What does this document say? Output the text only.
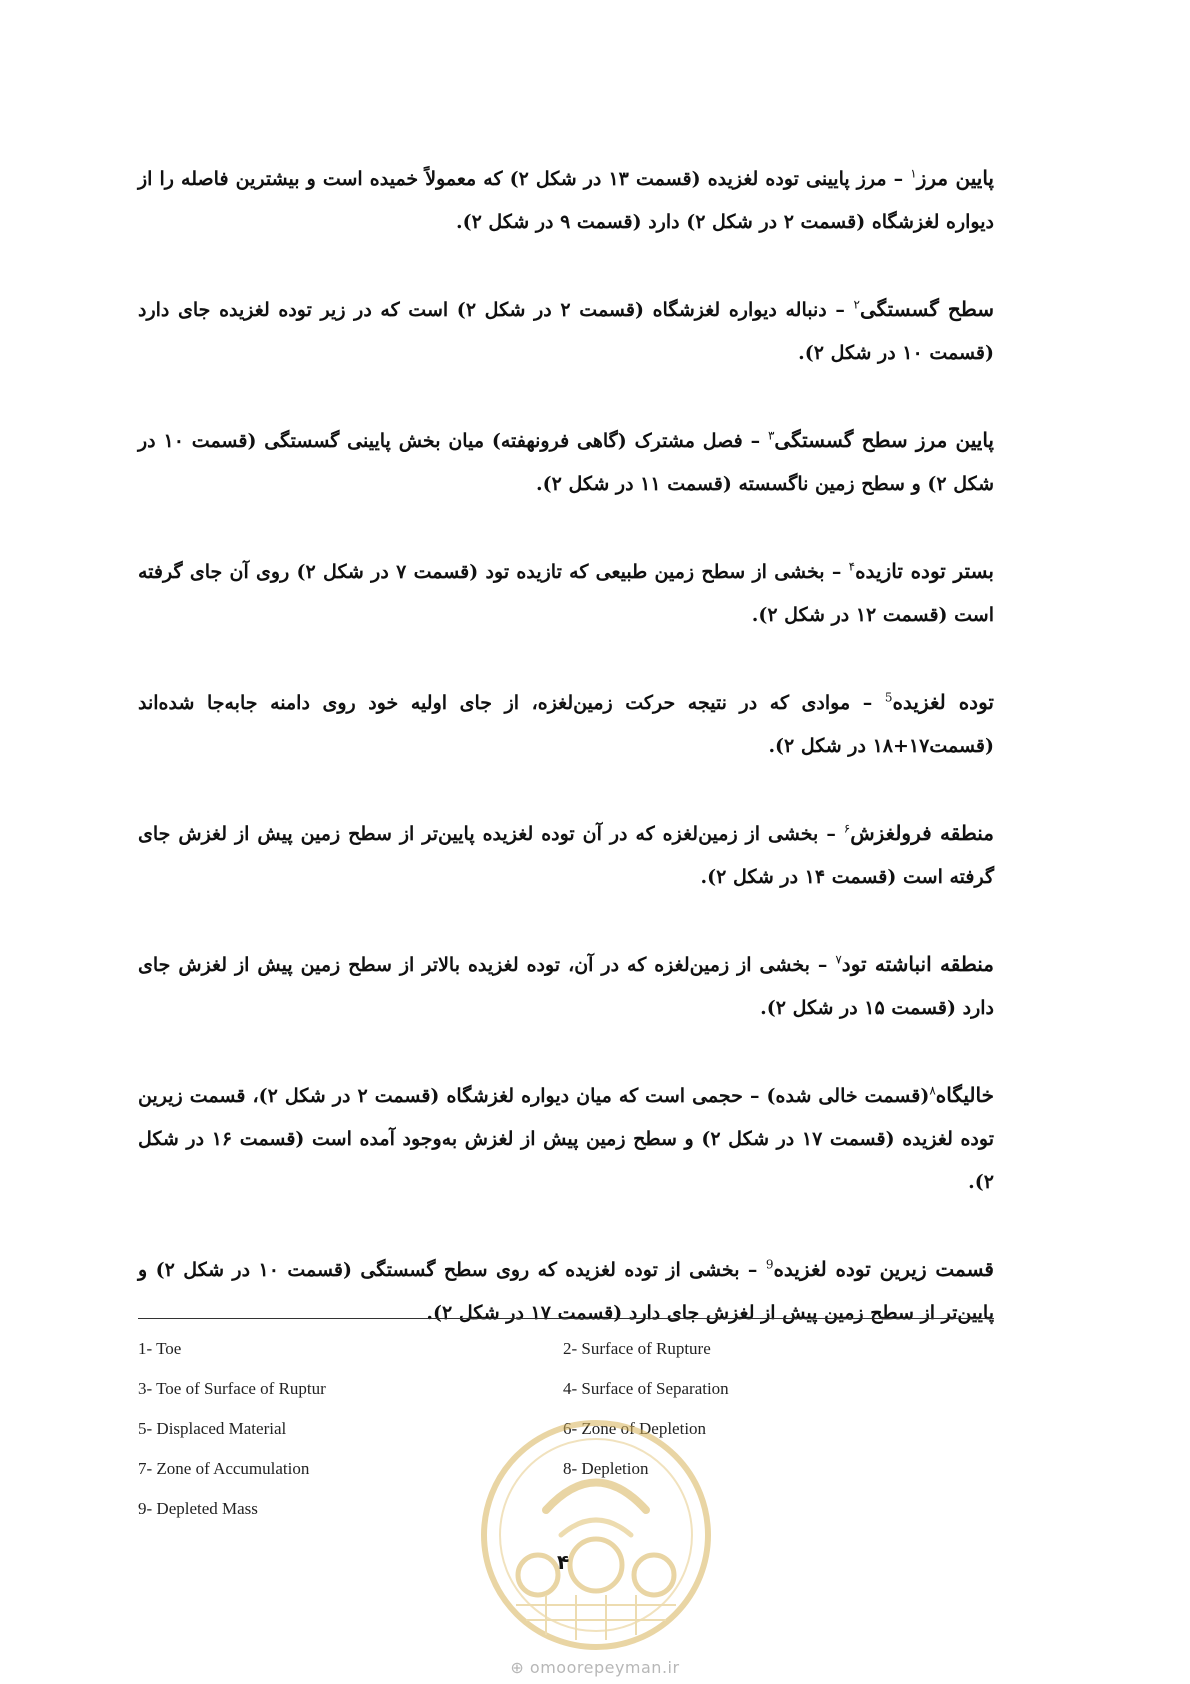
پایین مرز$^۱$ – مرز پایینی توده لغزیده (قسمت ۱۳ در شکل ۲) که معمولاً خمیده است و بیشترین فاصله را از دیواره لغزشگاه (قسمت ۲ در شکل ۲) دارد (قسمت ۹ در شکل ۲).

سطح گسستگی$^۲$ – دنباله دیواره لغزشگاه (قسمت ۲ در شکل ۲) است که در زیر توده لغزیده جای دارد (قسمت ۱۰ در شکل ۲).

پایین مرز سطح گسستگی$^۳$ – فصل مشترک (گاهی فرونهفته) میان بخش پایینی گسستگی (قسمت ۱۰ در شکل ۲) و سطح زمین ناگسسته (قسمت ۱۱ در شکل ۲).

بستر توده تازیده$^۴$ – بخشی از سطح زمین طبیعی که تازیده تود (قسمت ۷ در شکل ۲) روی آن جای گرفته است (قسمت ۱۲ در شکل ۲).

توده لغزیده$^5$ – موادی که در نتیجه حرکت زمین‌لغزه، از جای اولیه خود روی دامنه جابه‌جا شده‌اند (قسمت۱۷+۱۸ در شکل ۲).

منطقه فرولغزش$^۶$ – بخشی از زمین‌لغزه که در آن توده لغزیده پایین‌تر از سطح زمین پیش از لغزش جای گرفته است (قسمت ۱۴ در شکل ۲).

منطقه انباشته تود$^۷$ – بخشی از زمین‌لغزه که در آن، توده لغزیده بالاتر از سطح زمین پیش از لغزش جای دارد (قسمت ۱۵ در شکل ۲).

خالیگاه$^۸$(قسمت خالی شده) – حجمی است که میان دیواره لغزشگاه (قسمت ۲ در شکل ۲)، قسمت زیرین توده لغزیده (قسمت ۱۷ در شکل ۲) و سطح زمین پیش از لغزش به‌وجود آمده است (قسمت ۱۶ در شکل ۲).

قسمت زیرین توده لغزیده$^9$ – بخشی از توده لغزیده که روی سطح گسستگی (قسمت ۱۰ در شکل ۲) و پایین‌تر از سطح زمین پیش از لغزش جای دارد (قسمت ۱۷ در شکل ۲).

1- Toe	2- Surface of Rupture
3- Toe of Surface of Ruptur	4- Surface of Separation
5- Displaced Material	6- Zone of Depletion
7- Zone of Accumulation	8- Depletion
9- Depleted Mass
۴
⊕ omoorepeyman.ir
